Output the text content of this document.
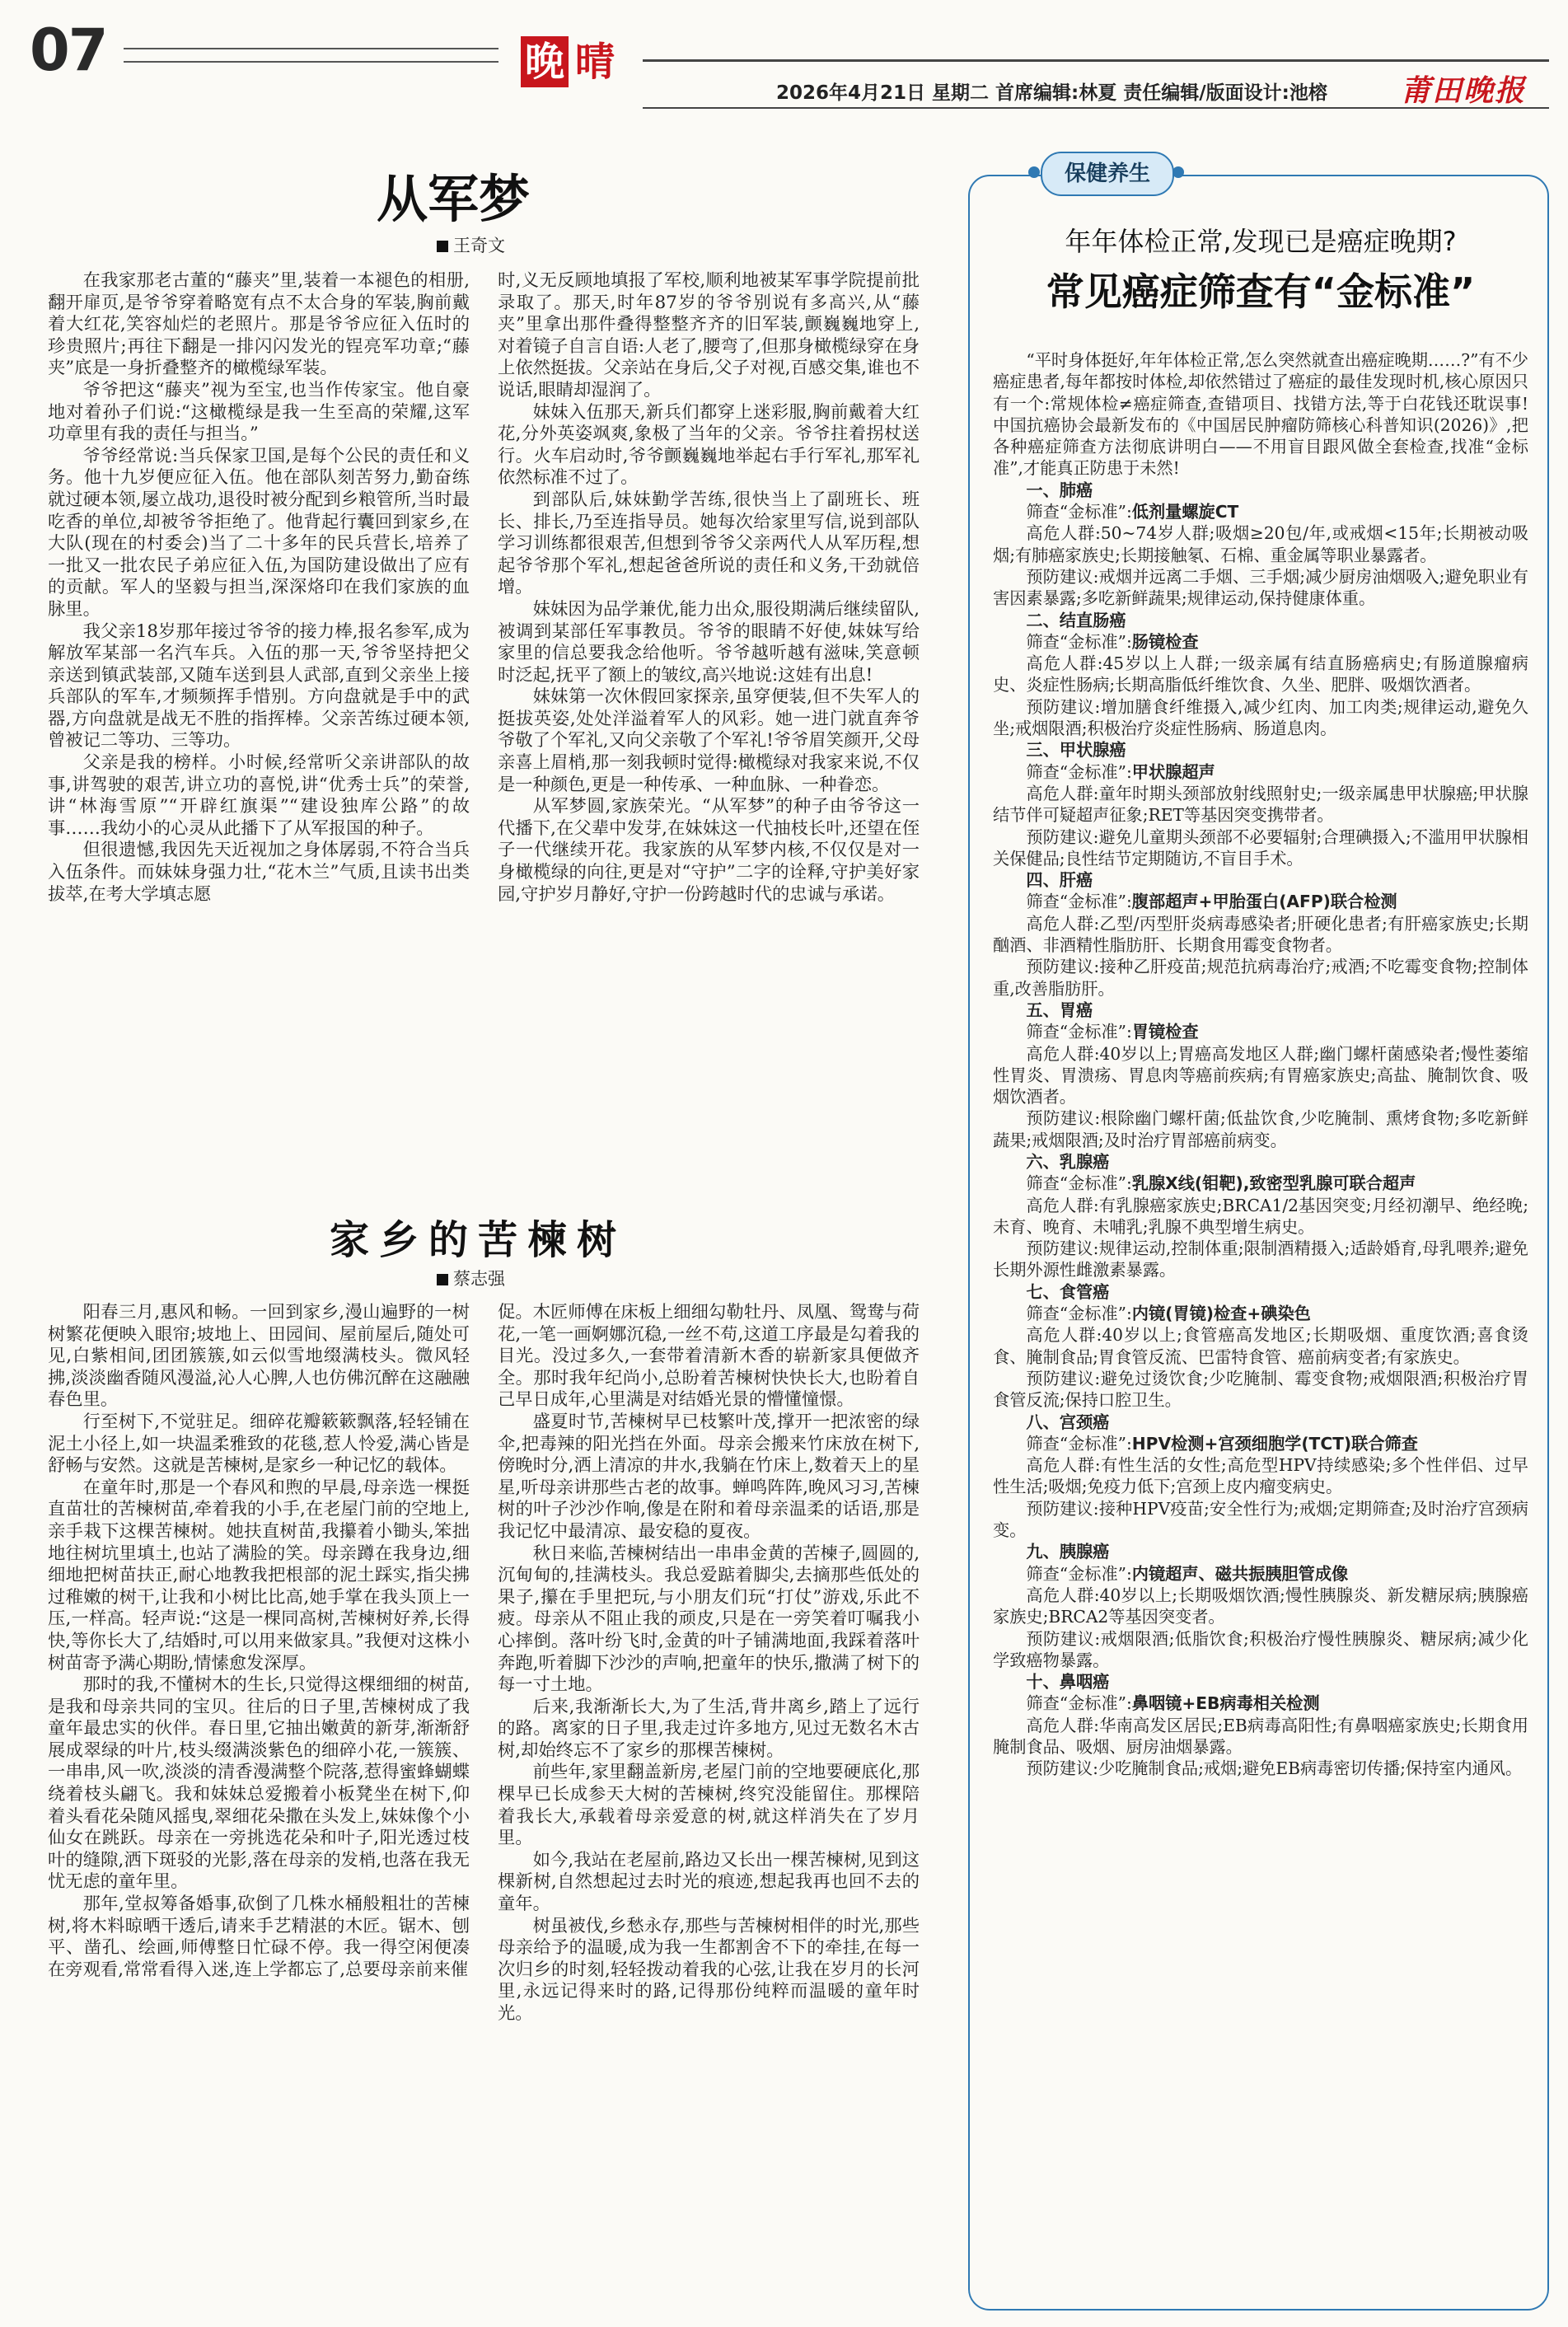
07	晚 晴
2026年4月21日 星期二 首席编辑:林夏 责任编辑/版面设计:池榕 莆田晚报
从军梦
王奇文

在我家那老古董的“藤夹”里,装着一本褪色的相册,翻开扉页,是爷爷穿着略宽有点不太合身的军装,胸前戴着大红花,笑容灿烂的老照片。那是爷爷应征入伍时的珍贵照片;再往下翻是一排闪闪发光的锃亮军功章;“藤夹”底是一身折叠整齐的橄榄绿军装。

爷爷把这“藤夹”视为至宝,也当作传家宝。他自豪地对着孙子们说:“这橄榄绿是我一生至高的荣耀,这军功章里有我的责任与担当。”

爷爷经常说:当兵保家卫国,是每个公民的责任和义务。他十九岁便应征入伍。他在部队刻苦努力,勤奋练就过硬本领,屡立战功,退役时被分配到乡粮管所,当时最吃香的单位,却被爷爷拒绝了。他背起行囊回到家乡,在大队(现在的村委会)当了二十多年的民兵营长,培养了一批又一批农民子弟应征入伍,为国防建设做出了应有的贡献。军人的坚毅与担当,深深烙印在我们家族的血脉里。

我父亲18岁那年接过爷爷的接力棒,报名参军,成为解放军某部一名汽车兵。入伍的那一天,爷爷坚持把父亲送到镇武装部,又随车送到县人武部,直到父亲坐上接兵部队的军车,才频频挥手惜别。方向盘就是手中的武器,方向盘就是战无不胜的指挥棒。父亲苦练过硬本领,曾被记二等功、三等功。

父亲是我的榜样。小时候,经常听父亲讲部队的故事,讲驾驶的艰苦,讲立功的喜悦,讲“优秀士兵”的荣誉,讲“林海雪原”“开辟红旗渠”“建设独库公路”的故事……我幼小的心灵从此播下了从军报国的种子。

但很遗憾,我因先天近视加之身体孱弱,不符合当兵入伍条件。而妹妹身强力壮,“花木兰”气质,且读书出类拔萃,在考大学填志愿

时,义无反顾地填报了军校,顺利地被某军事学院提前批录取了。那天,时年87岁的爷爷别说有多高兴,从“藤夹”里拿出那件叠得整整齐齐的旧军装,颤巍巍地穿上,对着镜子自言自语:人老了,腰弯了,但那身橄榄绿穿在身上依然挺拔。父亲站在身后,父子对视,百感交集,谁也不说话,眼睛却湿润了。

妹妹入伍那天,新兵们都穿上迷彩服,胸前戴着大红花,分外英姿飒爽,象极了当年的父亲。爷爷拄着拐杖送行。火车启动时,爷爷颤巍巍地举起右手行军礼,那军礼依然标准不过了。

到部队后,妹妹勤学苦练,很快当上了副班长、班长、排长,乃至连指导员。她每次给家里写信,说到部队学习训练都很艰苦,但想到爷爷父亲两代人从军历程,想起爷爷那个军礼,想起爸爸所说的责任和义务,干劲就倍增。

妹妹因为品学兼优,能力出众,服役期满后继续留队,被调到某部任军事教员。爷爷的眼睛不好使,妹妹写给家里的信总要我念给他听。爷爷越听越有滋味,笑意顿时泛起,抚平了额上的皱纹,高兴地说:这娃有出息!

妹妹第一次休假回家探亲,虽穿便装,但不失军人的挺拔英姿,处处洋溢着军人的风彩。她一进门就直奔爷爷敬了个军礼,又向父亲敬了个军礼!爷爷眉笑颜开,父母亲喜上眉梢,那一刻我顿时觉得:橄榄绿对我家来说,不仅是一种颜色,更是一种传承、一种血脉、一种眷恋。

从军梦圆,家族荣光。“从军梦”的种子由爷爷这一代播下,在父辈中发芽,在妹妹这一代抽枝长叶,还望在侄子一代继续开花。我家族的从军梦内核,不仅仅是对一身橄榄绿的向往,更是对“守护”二字的诠释,守护美好家园,守护岁月静好,守护一份跨越时代的忠诚与承诺。

家乡的苦楝树
蔡志强

阳春三月,惠风和畅。一回到家乡,漫山遍野的一树树繁花便映入眼帘;坡地上、田园间、屋前屋后,随处可见,白紫相间,团团簇簇,如云似雪地缀满枝头。微风轻拂,淡淡幽香随风漫溢,沁人心脾,人也仿佛沉醉在这融融春色里。

行至树下,不觉驻足。细碎花瓣簌簌飘落,轻轻铺在泥土小径上,如一块温柔雅致的花毯,惹人怜爱,满心皆是舒畅与安然。这就是苦楝树,是家乡一种记忆的载体。

在童年时,那是一个春风和煦的早晨,母亲选一棵挺直苗壮的苦楝树苗,牵着我的小手,在老屋门前的空地上,亲手栽下这棵苦楝树。她扶直树苗,我攥着小锄头,笨拙地往树坑里填土,也站了满脸的笑。母亲蹲在我身边,细细地把树苗扶正,耐心地教我把根部的泥土踩实,指尖拂过稚嫩的树干,让我和小树比比高,她手掌在我头顶上一压,一样高。轻声说:“这是一棵同高树,苦楝树好养,长得快,等你长大了,结婚时,可以用来做家具。”我便对这株小树苗寄予满心期盼,情愫愈发深厚。

那时的我,不懂树木的生长,只觉得这棵细细的树苗,是我和母亲共同的宝贝。往后的日子里,苦楝树成了我童年最忠实的伙伴。春日里,它抽出嫩黄的新芽,渐渐舒展成翠绿的叶片,枝头缀满淡紫色的细碎小花,一簇簇、一串串,风一吹,淡淡的清香漫满整个院落,惹得蜜蜂蝴蝶绕着枝头翩飞。我和妹妹总爱搬着小板凳坐在树下,仰着头看花朵随风摇曳,翠细花朵撒在头发上,妹妹像个小仙女在跳跃。母亲在一旁挑选花朵和叶子,阳光透过枝叶的缝隙,洒下斑驳的光影,落在母亲的发梢,也落在我无忧无虑的童年里。

那年,堂叔筹备婚事,砍倒了几株水桶般粗壮的苦楝树,将木料晾晒干透后,请来手艺精湛的木匠。锯木、刨平、凿孔、绘画,师傅整日忙碌不停。我一得空闲便凑在旁观看,常常看得入迷,连上学都忘了,总要母亲前来催

促。木匠师傅在床板上细细勾勒牡丹、凤凰、鸳鸯与荷花,一笔一画婀娜沉稳,一丝不苟,这道工序最是勾着我的目光。没过多久,一套带着清新木香的崭新家具便做齐全。那时我年纪尚小,总盼着苦楝树快快长大,也盼着自己早日成年,心里满是对结婚光景的懵懂憧憬。

盛夏时节,苦楝树早已枝繁叶茂,撑开一把浓密的绿伞,把毒辣的阳光挡在外面。母亲会搬来竹床放在树下,傍晚时分,洒上清凉的井水,我躺在竹床上,数着天上的星星,听母亲讲那些古老的故事。蝉鸣阵阵,晚风习习,苦楝树的叶子沙沙作响,像是在附和着母亲温柔的话语,那是我记忆中最清凉、最安稳的夏夜。

秋日来临,苦楝树结出一串串金黄的苦楝子,圆圆的,沉甸甸的,挂满枝头。我总爱踮着脚尖,去摘那些低处的果子,攥在手里把玩,与小朋友们玩“打仗”游戏,乐此不疲。母亲从不阻止我的顽皮,只是在一旁笑着叮嘱我小心摔倒。落叶纷飞时,金黄的叶子铺满地面,我踩着落叶奔跑,听着脚下沙沙的声响,把童年的快乐,撒满了树下的每一寸土地。

后来,我渐渐长大,为了生活,背井离乡,踏上了远行的路。离家的日子里,我走过许多地方,见过无数名木古树,却始终忘不了家乡的那棵苦楝树。

前些年,家里翻盖新房,老屋门前的空地要硬底化,那棵早已长成参天大树的苦楝树,终究没能留住。那棵陪着我长大,承载着母亲爱意的树,就这样消失在了岁月里。

如今,我站在老屋前,路边又长出一棵苦楝树,见到这棵新树,自然想起过去时光的痕迹,想起我再也回不去的童年。

树虽被伐,乡愁永存,那些与苦楝树相伴的时光,那些母亲给予的温暖,成为我一生都割舍不下的牵挂,在每一次归乡的时刻,轻轻拨动着我的心弦,让我在岁月的长河里,永远记得来时的路,记得那份纯粹而温暖的童年时光。

保健养生
年年体检正常,发现已是癌症晚期?
常见癌症筛查有“金标准”

“平时身体挺好,年年体检正常,怎么突然就查出癌症晚期……?”有不少癌症患者,每年都按时体检,却依然错过了癌症的最佳发现时机,核心原因只有一个:常规体检≠癌症筛查,查错项目、找错方法,等于白花钱还耽误事!中国抗癌协会最新发布的《中国居民肿瘤防筛核心科普知识(2026)》,把各种癌症筛查方法彻底讲明白——不用盲目跟风做全套检查,找准“金标准”,才能真正防患于未然!

一、肺癌

筛查“金标准”:低剂量螺旋CT

高危人群:50~74岁人群;吸烟≥20包/年,或戒烟<15年;长期被动吸烟;有肺癌家族史;长期接触氡、石棉、重金属等职业暴露者。

预防建议:戒烟并远离二手烟、三手烟;减少厨房油烟吸入;避免职业有害因素暴露;多吃新鲜蔬果;规律运动,保持健康体重。

二、结直肠癌

筛查“金标准”:肠镜检查

高危人群:45岁以上人群;一级亲属有结直肠癌病史;有肠道腺瘤病史、炎症性肠病;长期高脂低纤维饮食、久坐、肥胖、吸烟饮酒者。

预防建议:增加膳食纤维摄入,减少红肉、加工肉类;规律运动,避免久坐;戒烟限酒;积极治疗炎症性肠病、肠道息肉。

三、甲状腺癌

筛查“金标准”:甲状腺超声

高危人群:童年时期头颈部放射线照射史;一级亲属患甲状腺癌;甲状腺结节伴可疑超声征象;RET等基因突变携带者。

预防建议:避免儿童期头颈部不必要辐射;合理碘摄入;不滥用甲状腺相关保健品;良性结节定期随访,不盲目手术。

四、肝癌

筛查“金标准”:腹部超声+甲胎蛋白(AFP)联合检测

高危人群:乙型/丙型肝炎病毒感染者;肝硬化患者;有肝癌家族史;长期酗酒、非酒精性脂肪肝、长期食用霉变食物者。

预防建议:接种乙肝疫苗;规范抗病毒治疗;戒酒;不吃霉变食物;控制体重,改善脂肪肝。

五、胃癌

筛查“金标准”:胃镜检查

高危人群:40岁以上;胃癌高发地区人群;幽门螺杆菌感染者;慢性萎缩性胃炎、胃溃疡、胃息肉等癌前疾病;有胃癌家族史;高盐、腌制饮食、吸烟饮酒者。

预防建议:根除幽门螺杆菌;低盐饮食,少吃腌制、熏烤食物;多吃新鲜蔬果;戒烟限酒;及时治疗胃部癌前病变。

六、乳腺癌

筛查“金标准”:乳腺X线(钼靶),致密型乳腺可联合超声

高危人群:有乳腺癌家族史;BRCA1/2基因突变;月经初潮早、绝经晚;未育、晚育、未哺乳;乳腺不典型增生病史。

预防建议:规律运动,控制体重;限制酒精摄入;适龄婚育,母乳喂养;避免长期外源性雌激素暴露。

七、食管癌

筛查“金标准”:内镜(胃镜)检查+碘染色

高危人群:40岁以上;食管癌高发地区;长期吸烟、重度饮酒;喜食烫食、腌制食品;胃食管反流、巴雷特食管、癌前病变者;有家族史。

预防建议:避免过烫饮食;少吃腌制、霉变食物;戒烟限酒;积极治疗胃食管反流;保持口腔卫生。

八、宫颈癌

筛查“金标准”:HPV检测+宫颈细胞学(TCT)联合筛查

高危人群:有性生活的女性;高危型HPV持续感染;多个性伴侣、过早性生活;吸烟;免疫力低下;宫颈上皮内瘤变病史。

预防建议:接种HPV疫苗;安全性行为;戒烟;定期筛查;及时治疗宫颈病变。

九、胰腺癌

筛查“金标准”:内镜超声、磁共振胰胆管成像

高危人群:40岁以上;长期吸烟饮酒;慢性胰腺炎、新发糖尿病;胰腺癌家族史;BRCA2等基因突变者。

预防建议:戒烟限酒;低脂饮食;积极治疗慢性胰腺炎、糖尿病;减少化学致癌物暴露。

十、鼻咽癌

筛查“金标准”:鼻咽镜+EB病毒相关检测

高危人群:华南高发区居民;EB病毒高阳性;有鼻咽癌家族史;长期食用腌制食品、吸烟、厨房油烟暴露。

预防建议:少吃腌制食品;戒烟;避免EB病毒密切传播;保持室内通风。
